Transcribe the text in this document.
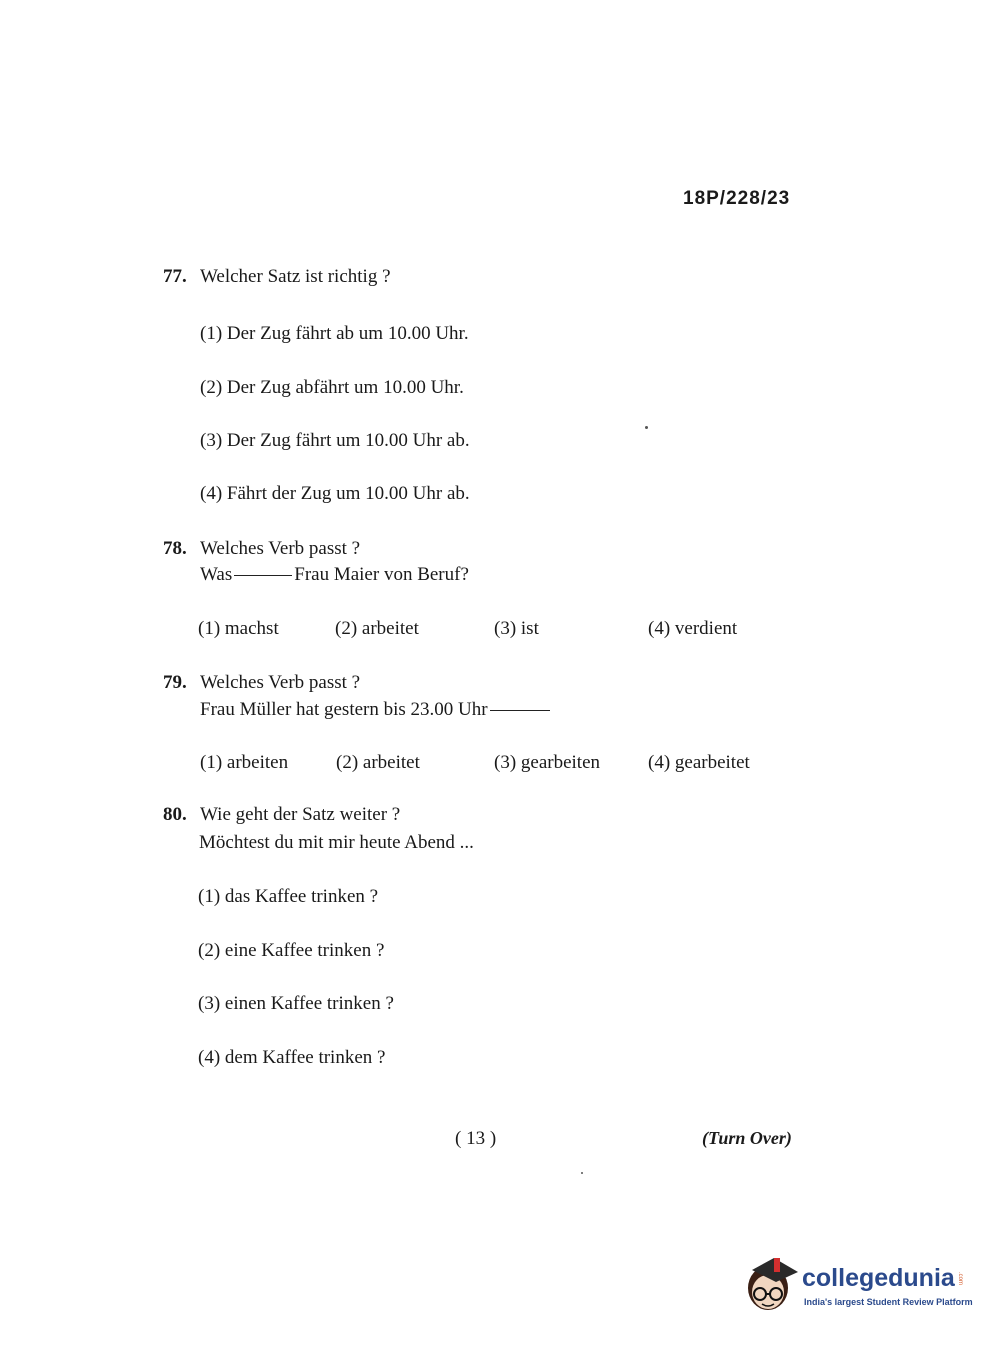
18P/228/23
77. Welcher Satz ist richtig ?
(1) Der Zug fährt ab um 10.00 Uhr.
(2) Der Zug abfährt um 10.00 Uhr.
(3) Der Zug fährt um 10.00 Uhr ab.
(4) Fährt der Zug um 10.00 Uhr ab.
78. Welches Verb passt ?
Was	Frau Maier von Beruf?
(1) machst	(2) arbeitet	(3) ist	(4) verdient
79. Welches Verb passt ?
Frau Müller hat gestern bis 23.00 Uhr
(1) arbeiten	(2) arbeitet	(3) gearbeiten	(4) gearbeitet
80. Wie geht der Satz weiter ?
Möchtest du mit mir heute Abend ...
(1) das Kaffee trinken ?
(2) eine Kaffee trinken ?
(3) einen Kaffee trinken ?
(4) dem Kaffee trinken ?
( 13 )	(Turn Over)
collegedunia .com
India's largest Student Review Platform
